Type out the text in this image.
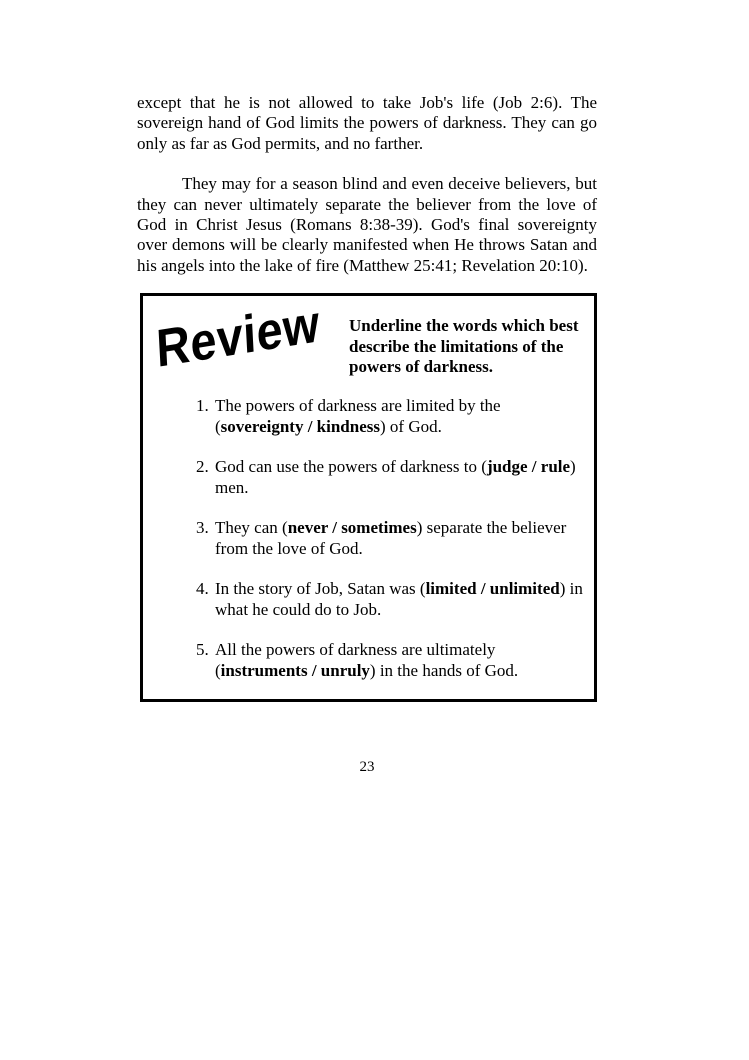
except that he is not allowed to take Job's life (Job 2:6). The sovereign hand of God limits the powers of darkness. They can go only as far as God permits, and no farther.

They may for a season blind and even deceive believers, but they can never ultimately separate the believer from the love of God in Christ Jesus (Romans 8:38-39). God's final sovereignty over demons will be clearly manifested when He throws Satan and his angels into the lake of fire (Matthew 25:41; Revelation 20:10).

Review	Underline the words which best describe the limitations of the powers of darkness.
1. The powers of darkness are limited by the (sovereignty / kindness) of God.
2. God can use the powers of darkness to (judge / rule) men.
3. They can (never / sometimes) separate the believer from the love of God.
4. In the story of Job, Satan was (limited / unlimited) in what he could do to Job.
5. All the powers of darkness are ultimately (instruments / unruly) in the hands of God.
23
